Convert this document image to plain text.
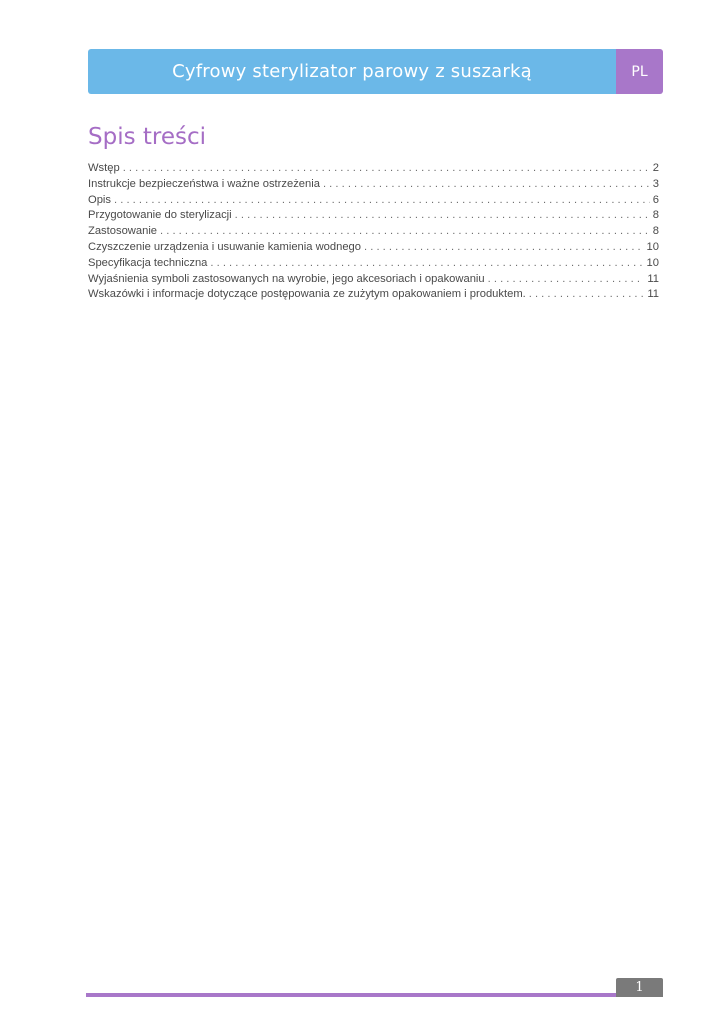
Cyfrowy sterylizator parowy z suszarką	PL
Spis treści
Wstęp . . .	2
Instrukcje bezpieczeństwa i ważne ostrzeżenia . . .	3
Opis . . .	6
Przygotowanie do sterylizacji . . .	8
Zastosowanie . . .	8
Czyszczenie urządzenia i usuwanie kamienia wodnego . . .	10
Specyfikacja techniczna . . .	10
Wyjaśnienia symboli zastosowanych na wyrobie, jego akcesoriach i opakowaniu . . .	11
Wskazówki i informacje dotyczące postępowania ze zużytym opakowaniem i produktem. . . .	11
1
